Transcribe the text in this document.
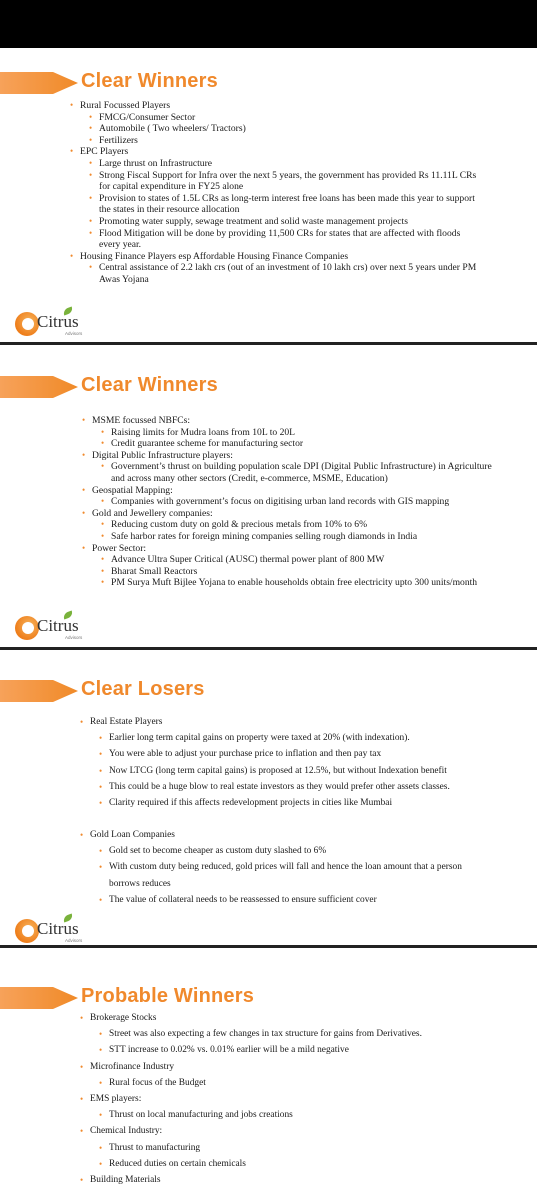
Clear Winners
• Rural Focussed Players
• FMCG/Consumer Sector
• Automobile ( Two wheelers/ Tractors)
• Fertilizers
• EPC Players
• Large thrust on Infrastructure
• Strong Fiscal Support for Infra over the next 5 years, the government has provided Rs 11.11L CRs for capital expenditure in FY25 alone
• Provision to states of 1.5L CRs as long-term interest free loans has been made this year to support the states in their resource allocation
• Promoting water supply, sewage treatment and solid waste management projects
• Flood Mitigation will be done by providing 11,500 CRs for states that are affected with floods every year.
• Housing Finance Players esp Affordable Housing Finance Companies
• Central assistance of 2.2 lakh crs (out of an investment of 10 lakh crs) over next 5 years under PM Awas Yojana
Citrus
Advisors
Clear Winners
• MSME focussed NBFCs:
• Raising limits for Mudra loans from 10L to 20L
• Credit guarantee scheme for manufacturing sector
• Digital Public Infrastructure players:
• Government’s thrust on building population scale DPI (Digital Public Infrastructure) in Agriculture and across many other sectors (Credit, e-commerce, MSME, Education)
• Geospatial Mapping:
• Companies with government’s focus on digitising urban land records with GIS mapping
• Gold and Jewellery companies:
• Reducing custom duty on gold & precious metals from 10% to 6%
• Safe harbor rates for foreign mining companies selling rough diamonds in India
• Power Sector:
• Advance Ultra Super Critical (AUSC) thermal power plant of 800 MW
• Bharat Small Reactors
• PM Surya Muft Bijlee Yojana to enable households obtain free electricity upto 300 units/month
Citrus
Advisors
Clear Losers
• Real Estate Players
• Earlier long term capital gains on property were taxed at 20% (with indexation).
• You were able to adjust your purchase price to inflation and then pay tax
• Now LTCG (long term capital gains) is proposed at 12.5%, but without Indexation benefit
• This could be a huge blow to real estate investors as they would prefer other assets classes.
• Clarity required if this affects redevelopment projects in cities like Mumbai
• Gold Loan Companies
• Gold set to become cheaper as custom duty slashed to 6%
• With custom duty being reduced, gold prices will fall and hence the loan amount that a person borrows reduces
• The value of collateral needs to be reassessed to ensure sufficient cover
Citrus
Advisors
Probable Winners
• Brokerage Stocks
• Street was also expecting a few changes in tax structure for gains from Derivatives.
• STT increase to 0.02% vs. 0.01% earlier will be a mild negative
• Microfinance Industry
• Rural focus of the Budget
• EMS players:
• Thrust on local manufacturing and jobs creations
• Chemical Industry:
• Thrust to manufacturing
• Reduced duties on certain chemicals
• Building Materials
